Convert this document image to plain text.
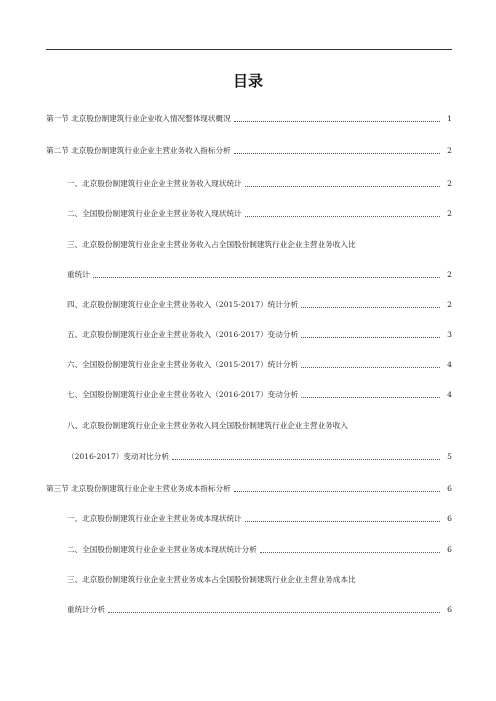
目录
第一节 北京股份制建筑行业企业收入情况整体现状概况	1
第二节 北京股份制建筑行业企业主营业务收入指标分析	2
一、北京股份制建筑行业企业主营业务收入现状统计	2
二、全国股份制建筑行业企业主营业务收入现状统计	2
三、北京股份制建筑行业企业主营业务收入占全国股份制建筑行业企业主营业务收入比
重统计	2
四、北京股份制建筑行业企业主营业务收入（2015-2017）统计分析	2
五、北京股份制建筑行业企业主营业务收入（2016-2017）变动分析	3
六、全国股份制建筑行业企业主营业务收入（2015-2017）统计分析	4
七、全国股份制建筑行业企业主营业务收入（2016-2017）变动分析	4
八、北京股份制建筑行业企业主营业务收入同全国股份制建筑行业企业主营业务收入
（2016-2017）变动对比分析	5
第三节 北京股份制建筑行业企业主营业务成本指标分析	6
一、北京股份制建筑行业企业主营业务成本现状统计	6
二、全国股份制建筑行业企业主营业务成本现状统计分析	6
三、北京股份制建筑行业企业主营业务成本占全国股份制建筑行业企业主营业务成本比
重统计分析	6
